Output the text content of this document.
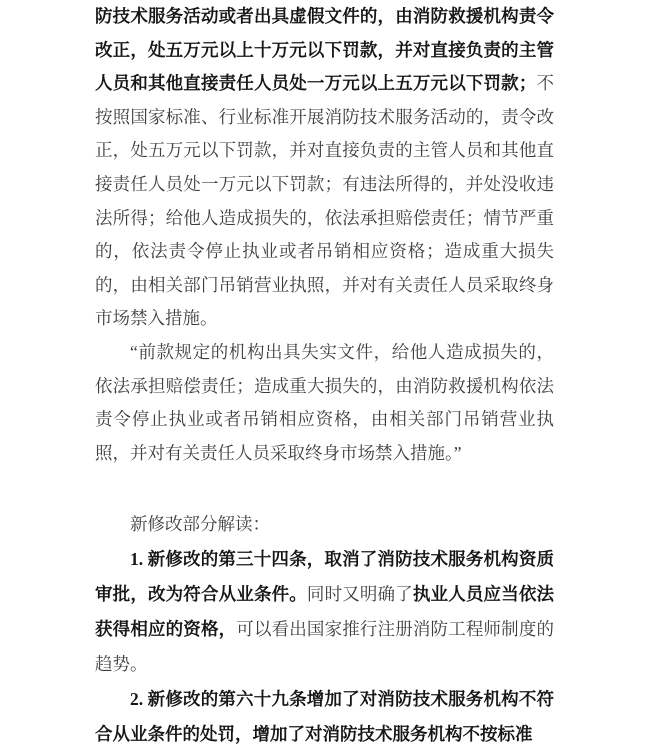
防技术服务活动或者出具虚假文件的，由消防救援机构责令改正，处五万元以上十万元以下罚款，并对直接负责的主管人员和其他直接责任人员处一万元以上五万元以下罚款；不按照国家标准、行业标准开展消防技术服务活动的，责令改正，处五万元以下罚款，并对直接负责的主管人员和其他直接责任人员处一万元以下罚款；有违法所得的，并处没收违法所得；给他人造成损失的，依法承担赔偿责任；情节严重的，依法责令停止执业或者吊销相应资格；造成重大损失的，由相关部门吊销营业执照，并对有关责任人员采取终身市场禁入措施。

“前款规定的机构出具失实文件，给他人造成损失的，依法承担赔偿责任；造成重大损失的，由消防救援机构依法责令停止执业或者吊销相应资格，由相关部门吊销营业执照，并对有关责任人员采取终身市场禁入措施。”

新修改部分解读：

1. 新修改的第三十四条，取消了消防技术服务机构资质审批，改为符合从业条件。同时又明确了执业人员应当依法获得相应的资格，可以看出国家推行注册消防工程师制度的趋势。

2. 新修改的第六十九条增加了对消防技术服务机构不符合从业条件的处罚，增加了对消防技术服务机构不按标准
